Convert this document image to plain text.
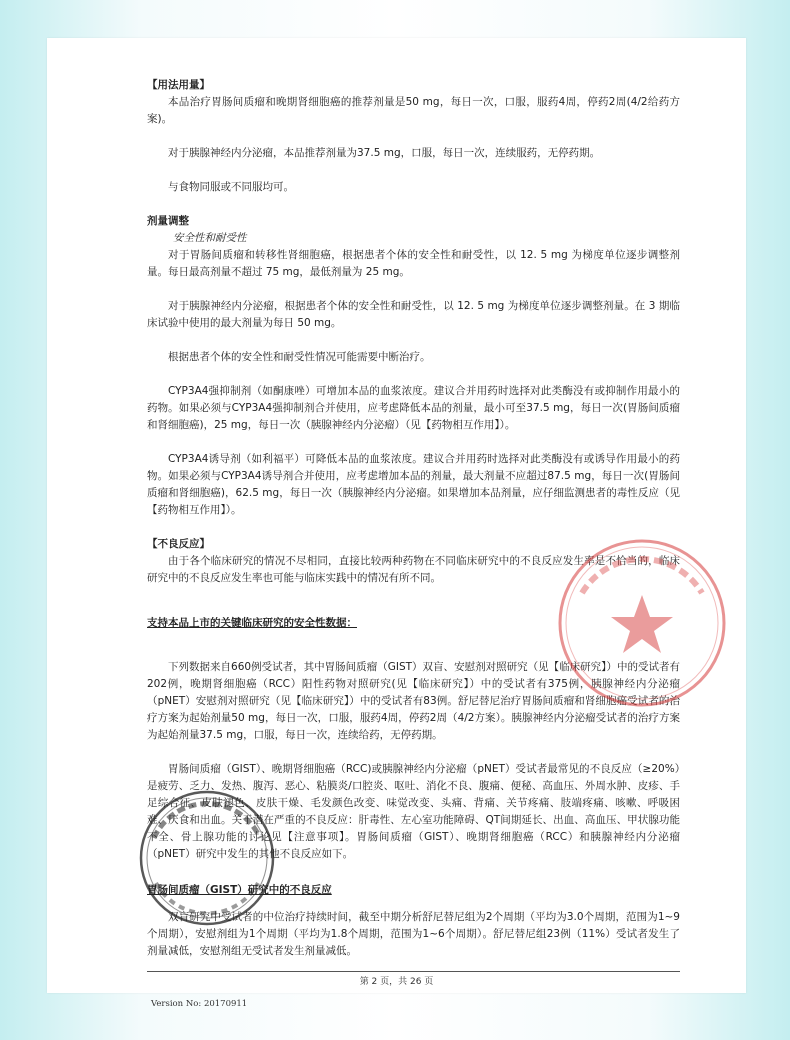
【用法用量】

本品治疗胃肠间质瘤和晚期肾细胞癌的推荐剂量是50 mg，每日一次，口服，服药4周，停药2周(4/2给药方案)。

对于胰腺神经内分泌瘤，本品推荐剂量为37.5 mg，口服，每日一次，连续服药，无停药期。

与食物同服或不同服均可。

剂量调整

安全性和耐受性

对于胃肠间质瘤和转移性肾细胞癌，根据患者个体的安全性和耐受性，以 12. 5 mg 为梯度单位逐步调整剂量。每日最高剂量不超过 75 mg，最低剂量为 25 mg。

对于胰腺神经内分泌瘤，根据患者个体的安全性和耐受性，以 12. 5 mg 为梯度单位逐步调整剂量。在 3 期临床试验中使用的最大剂量为每日 50 mg。

根据患者个体的安全性和耐受性情况可能需要中断治疗。

CYP3A4强抑制剂（如酮康唑）可增加本品的血浆浓度。建议合并用药时选择对此类酶没有或抑制作用最小的药物。如果必须与CYP3A4强抑制剂合并使用，应考虑降低本品的剂量，最小可至37.5 mg，每日一次(胃肠间质瘤和肾细胞癌)，25 mg，每日一次（胰腺神经内分泌瘤）（见【药物相互作用】）。

CYP3A4诱导剂（如利福平）可降低本品的血浆浓度。建议合并用药时选择对此类酶没有或诱导作用最小的药物。如果必须与CYP3A4诱导剂合并使用，应考虑增加本品的剂量，最大剂量不应超过87.5 mg，每日一次(胃肠间质瘤和肾细胞癌)，62.5 mg，每日一次（胰腺神经内分泌瘤。如果增加本品剂量，应仔细监测患者的毒性反应（见【药物相互作用】）。

【不良反应】

由于各个临床研究的情况不尽相同，直接比较两种药物在不同临床研究中的不良反应发生率是不恰当的，临床研究中的不良反应发生率也可能与临床实践中的情况有所不同。

支持本品上市的关键临床研究的安全性数据：

下列数据来自660例受试者，其中胃肠间质瘤（GIST）双盲、安慰剂对照研究（见【临床研究】）中的受试者有202例，晚期肾细胞癌（RCC）阳性药物对照研究(见【临床研究】）中的受试者有375例，胰腺神经内分泌瘤（pNET）安慰剂对照研究（见【临床研究】）中的受试者有83例。舒尼替尼治疗胃肠间质瘤和肾细胞癌受试者的治疗方案为起始剂量50 mg，每日一次，口服，服药4周，停药2周（4/2方案）。胰腺神经内分泌瘤受试者的治疗方案为起始剂量37.5 mg，口服，每日一次，连续给药，无停药期。

胃肠间质瘤（GIST）、晚期肾细胞癌（RCC)或胰腺神经内分泌瘤（pNET）受试者最常见的不良反应（≥20%）是疲劳、乏力、发热、腹泻、恶心、粘膜炎/口腔炎、呕吐、消化不良、腹痛、便秘、高血压、外周水肿、皮疹、手足综合征、皮肤褪色、皮肤干燥、毛发颜色改变、味觉改变、头痛、背痛、关节疼痛、肢端疼痛、咳嗽、呼吸困难、厌食和出血。关于潜在严重的不良反应：肝毒性、左心室功能障碍、QT间期延长、出血、高血压、甲状腺功能不全、骨上腺功能的讨论见【注意事项】。胃肠间质瘤（GIST）、晚期肾细胞癌（RCC）和胰腺神经内分泌瘤（pNET）研究中发生的其他不良反应如下。

胃肠间质瘤（GIST）研究中的不良反应

双盲研究中受试者的中位治疗持续时间，截至中期分析舒尼替尼组为2个周期（平均为3.0个周期，范围为1~9个周期），安慰剂组为1个周期（平均为1.8个周期，范围为1~6个周期）。舒尼替尼组23例（11%）受试者发生了剂量减低，安慰剂组无受试者发生剂量减低。

第 2 页，共 26 页
Version No: 20170911
